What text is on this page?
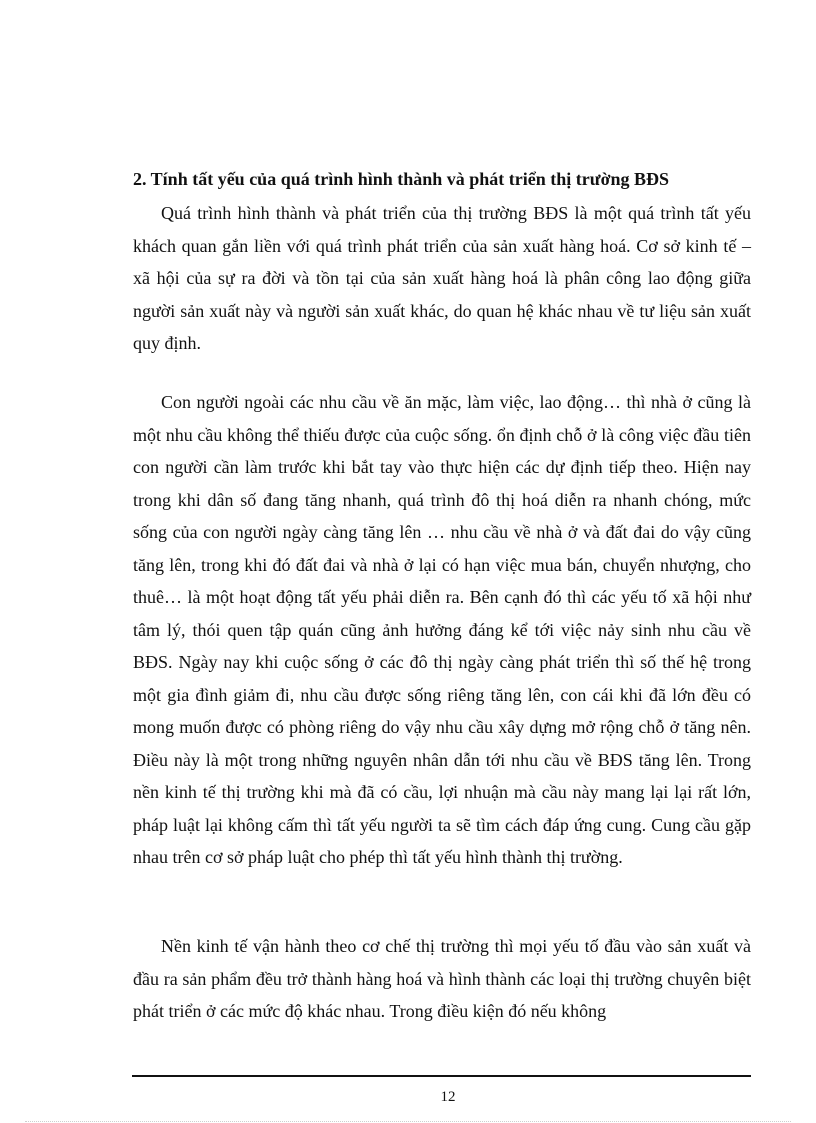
2. Tính tất yếu của quá trình hình thành và phát triển thị trường BĐS

Quá trình hình thành và phát triển của thị trường BĐS là một quá trình tất yếu khách quan gắn liền với quá trình phát triển của sản xuất hàng hoá. Cơ sở kinh tế – xã hội của sự ra đời và tồn tại của sản xuất hàng hoá là phân công lao động giữa người sản xuất này và người sản xuất khác, do quan hệ khác nhau về tư liệu sản xuất quy định.

Con người ngoài các nhu cầu về ăn mặc, làm việc, lao động… thì nhà ở cũng là một nhu cầu không thể thiếu được của cuộc sống. ổn định chỗ ở là công việc đầu tiên con người cần làm trước khi bắt tay vào thực hiện các dự định tiếp theo. Hiện nay trong khi dân số đang tăng nhanh, quá trình đô thị hoá diễn ra nhanh chóng, mức sống của con người ngày càng tăng lên … nhu cầu về nhà ở và đất đai do vậy cũng tăng lên, trong khi đó đất đai và nhà ở lại có hạn việc mua bán, chuyển nhượng, cho thuê… là một hoạt động tất yếu phải diễn ra. Bên cạnh đó thì các yếu tố xã hội như tâm lý, thói quen tập quán cũng ảnh hưởng đáng kể tới việc nảy sinh nhu cầu về BĐS. Ngày nay khi cuộc sống ở các đô thị ngày càng phát triển thì số thế hệ trong một gia đình giảm đi, nhu cầu được sống riêng tăng lên, con cái khi đã lớn đều có mong muốn được có phòng riêng do vậy nhu cầu xây dựng mở rộng chỗ ở tăng nên. Điều này là một trong những nguyên nhân dẫn tới nhu cầu về BĐS tăng lên. Trong nền kinh tế thị trường khi mà đã có cầu, lợi nhuận mà cầu này mang lại lại rất lớn, pháp luật lại không cấm thì tất yếu người ta sẽ tìm cách đáp ứng cung. Cung cầu gặp nhau trên cơ sở pháp luật cho phép thì tất yếu hình thành thị trường.

Nền kinh tế vận hành theo cơ chế thị trường thì mọi yếu tố đầu vào sản xuất và đầu ra sản phẩm đều trở thành hàng hoá và hình thành các loại thị trường chuyên biệt phát triển ở các mức độ khác nhau. Trong điều kiện đó nếu không

12
